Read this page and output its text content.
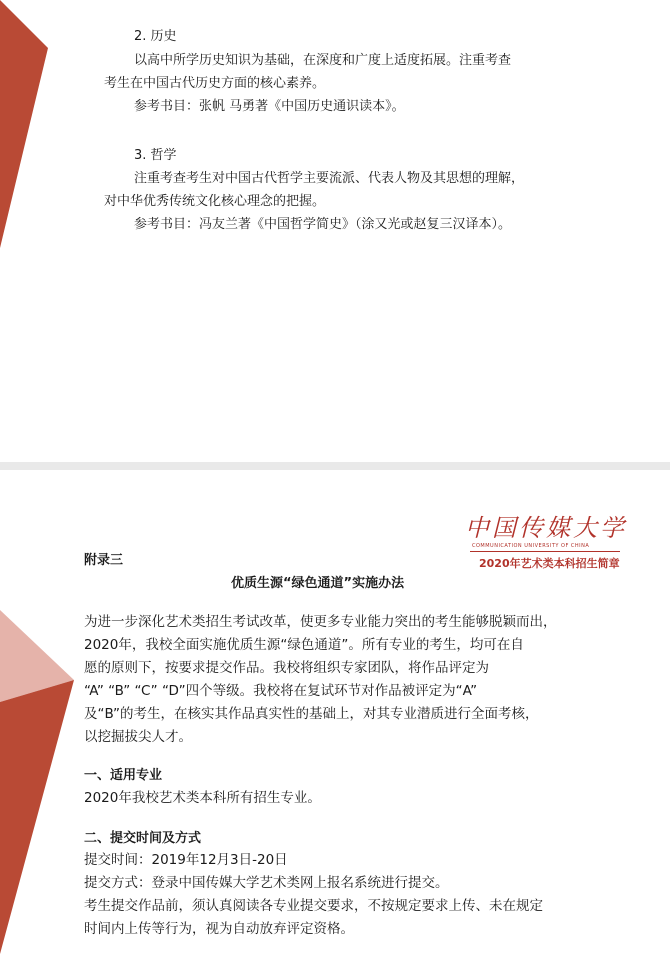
2. 历史

以高中所学历史知识为基础，在深度和广度上适度拓展。注重考查

考生在中国古代历史方面的核心素养。

参考书目：张帆 马勇著《中国历史通识读本》。

3. 哲学

注重考查考生对中国古代哲学主要流派、代表人物及其思想的理解，

对中华优秀传统文化核心理念的把握。

参考书目：冯友兰著《中国哲学简史》（涂又光或赵复三汉译本）。

中国传媒大学
COMMUNICATION UNIVERSITY OF CHINA
2020年艺术类本科招生简章

附录三

优质生源“绿色通道”实施办法

为进一步深化艺术类招生考试改革，使更多专业能力突出的考生能够脱颖而出，

2020年，我校全面实施优质生源“绿色通道”。所有专业的考生，均可在自

愿的原则下，按要求提交作品。我校将组织专家团队，将作品评定为

“A” “B” “C” “D”四个等级。我校将在复试环节对作品被评定为“A”

及“B”的考生，在核实其作品真实性的基础上，对其专业潜质进行全面考核，

以挖掘拔尖人才。

一、适用专业

2020年我校艺术类本科所有招生专业。

二、提交时间及方式

提交时间：2019年12月3日-20日

提交方式：登录中国传媒大学艺术类网上报名系统进行提交。

考生提交作品前，须认真阅读各专业提交要求，不按规定要求上传、未在规定

时间内上传等行为，视为自动放弃评定资格。
